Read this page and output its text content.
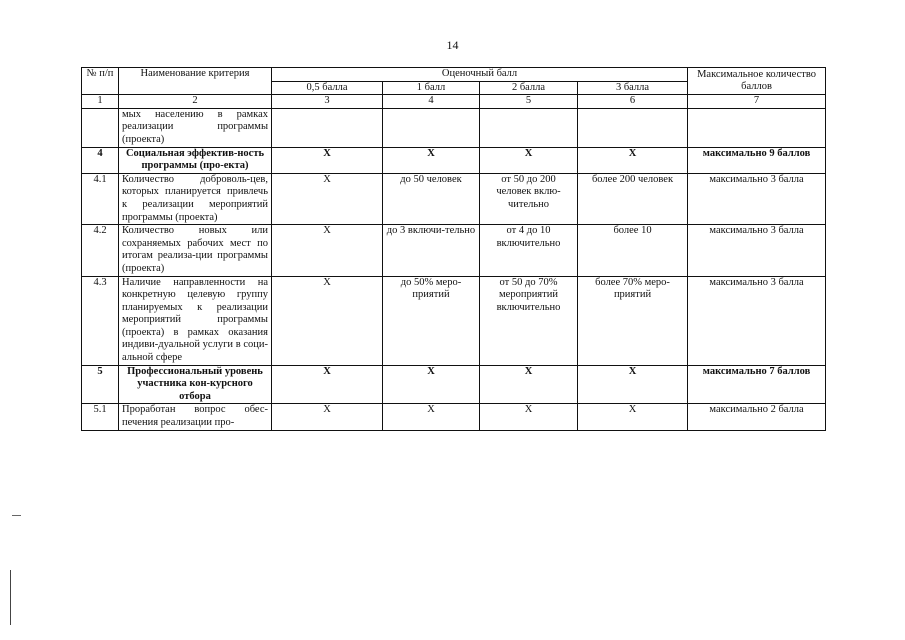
14
№ п/п	Наименование критерия	Оценочный балл				Максимальное количество баллов
		0,5 балла	1 балл	2 балла	3 балла	
1	2	3	4	5	6	7
	мых населению в рамках реализации программы (проекта)					
4	Социальная эффектив-ность программы (про-екта)	X	X	X	X	максимально 9 баллов
4.1	Количество доброволь-цев, которых планируется привлечь к реализации мероприятий программы (проекта)	X	до 50 человек	от 50 до 200 человек вклю-чительно	более 200 человек	максимально 3 балла
4.2	Количество новых или сохраняемых рабочих мест по итогам реализа-ции программы (проекта)	X	до 3 включи-тельно	от 4 до 10 включительно	более 10	максимально 3 балла
4.3	Наличие направленности на конкретную целевую группу планируемых к реализации мероприятий программы (проекта) в рамках оказания индиви-дуальной услуги в соци-альной сфере	X	до 50% меро-приятий	от 50 до 70% мероприятий включительно	более 70% меро-приятий	максимально 3 балла
5	Профессиональный уровень участника кон-курсного отбора	X	X	X	X	максимально 7 баллов
5.1	Проработан вопрос обес-печения реализации про-	X	X	X	X	максимально 2 балла
